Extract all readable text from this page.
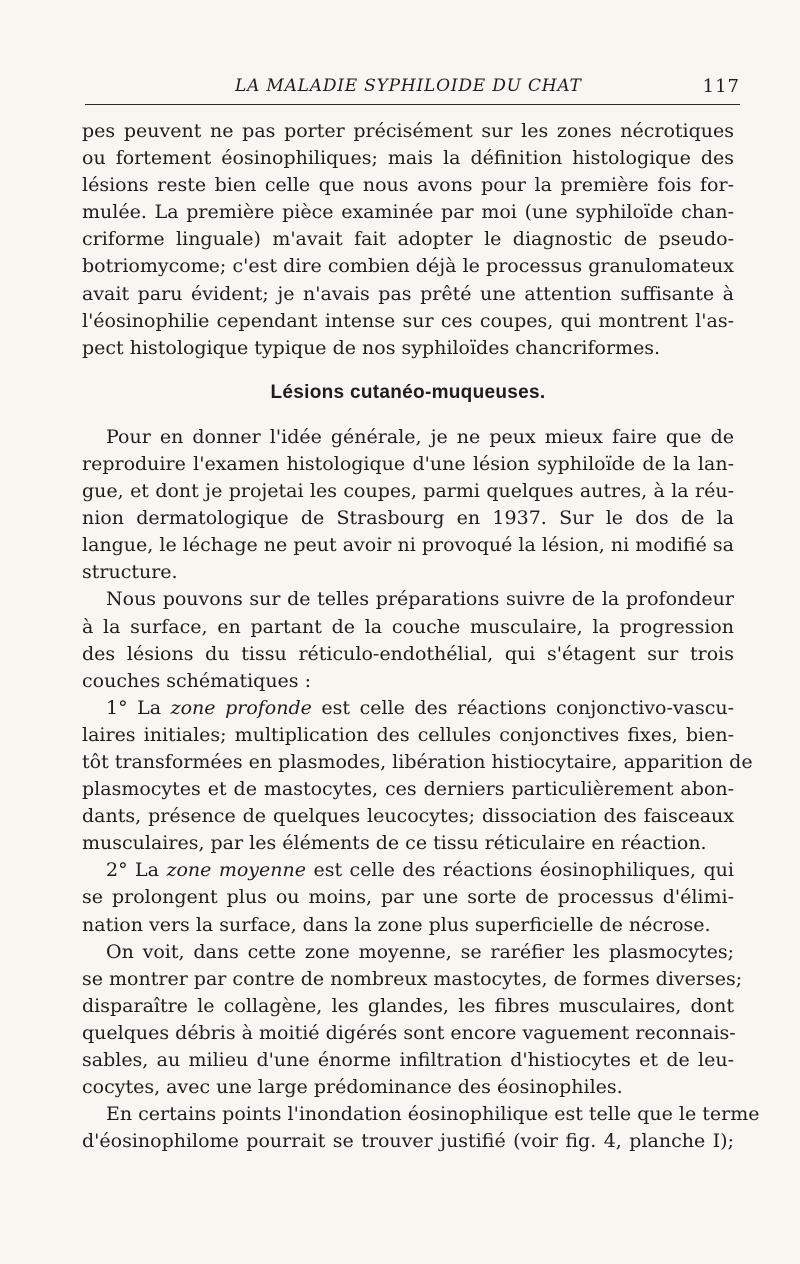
LA MALADIE SYPHILOIDE DU CHAT	117
pes peuvent ne pas porter précisément sur les zones nécrotiques
ou fortement éosinophiliques; mais la définition histologique des
lésions reste bien celle que nous avons pour la première fois for-
mulée. La première pièce examinée par moi (une syphiloïde chan-
criforme linguale) m'avait fait adopter le diagnostic de pseudo-
botriomycome; c'est dire combien déjà le processus granulomateux
avait paru évident; je n'avais pas prêté une attention suffisante à
l'éosinophilie cependant intense sur ces coupes, qui montrent l'as-
pect histologique typique de nos syphiloïdes chancriformes.
Lésions cutanéo-muqueuses.
Pour en donner l'idée générale, je ne peux mieux faire que de
reproduire l'examen histologique d'une lésion syphiloïde de la lan-
gue, et dont je projetai les coupes, parmi quelques autres, à la réu-
nion dermatologique de Strasbourg en 1937. Sur le dos de la
langue, le léchage ne peut avoir ni provoqué la lésion, ni modifié sa
structure.
Nous pouvons sur de telles préparations suivre de la profondeur
à la surface, en partant de la couche musculaire, la progression
des lésions du tissu réticulo-endothélial, qui s'étagent sur trois
couches schématiques :
1° La zone profonde est celle des réactions conjonctivo-vascu-
laires initiales; multiplication des cellules conjonctives fixes, bien-
tôt transformées en plasmodes, libération histiocytaire, apparition de
plasmocytes et de mastocytes, ces derniers particulièrement abon-
dants, présence de quelques leucocytes; dissociation des faisceaux
musculaires, par les éléments de ce tissu réticulaire en réaction.
2° La zone moyenne est celle des réactions éosinophiliques, qui
se prolongent plus ou moins, par une sorte de processus d'élimi-
nation vers la surface, dans la zone plus superficielle de nécrose.
On voit, dans cette zone moyenne, se raréfier les plasmocytes;
se montrer par contre de nombreux mastocytes, de formes diverses;
disparaître le collagène, les glandes, les fibres musculaires, dont
quelques débris à moitié digérés sont encore vaguement reconnais-
sables, au milieu d'une énorme infiltration d'histiocytes et de leu-
cocytes, avec une large prédominance des éosinophiles.
En certains points l'inondation éosinophilique est telle que le terme
d'éosinophilome pourrait se trouver justifié (voir fig. 4, planche I);
